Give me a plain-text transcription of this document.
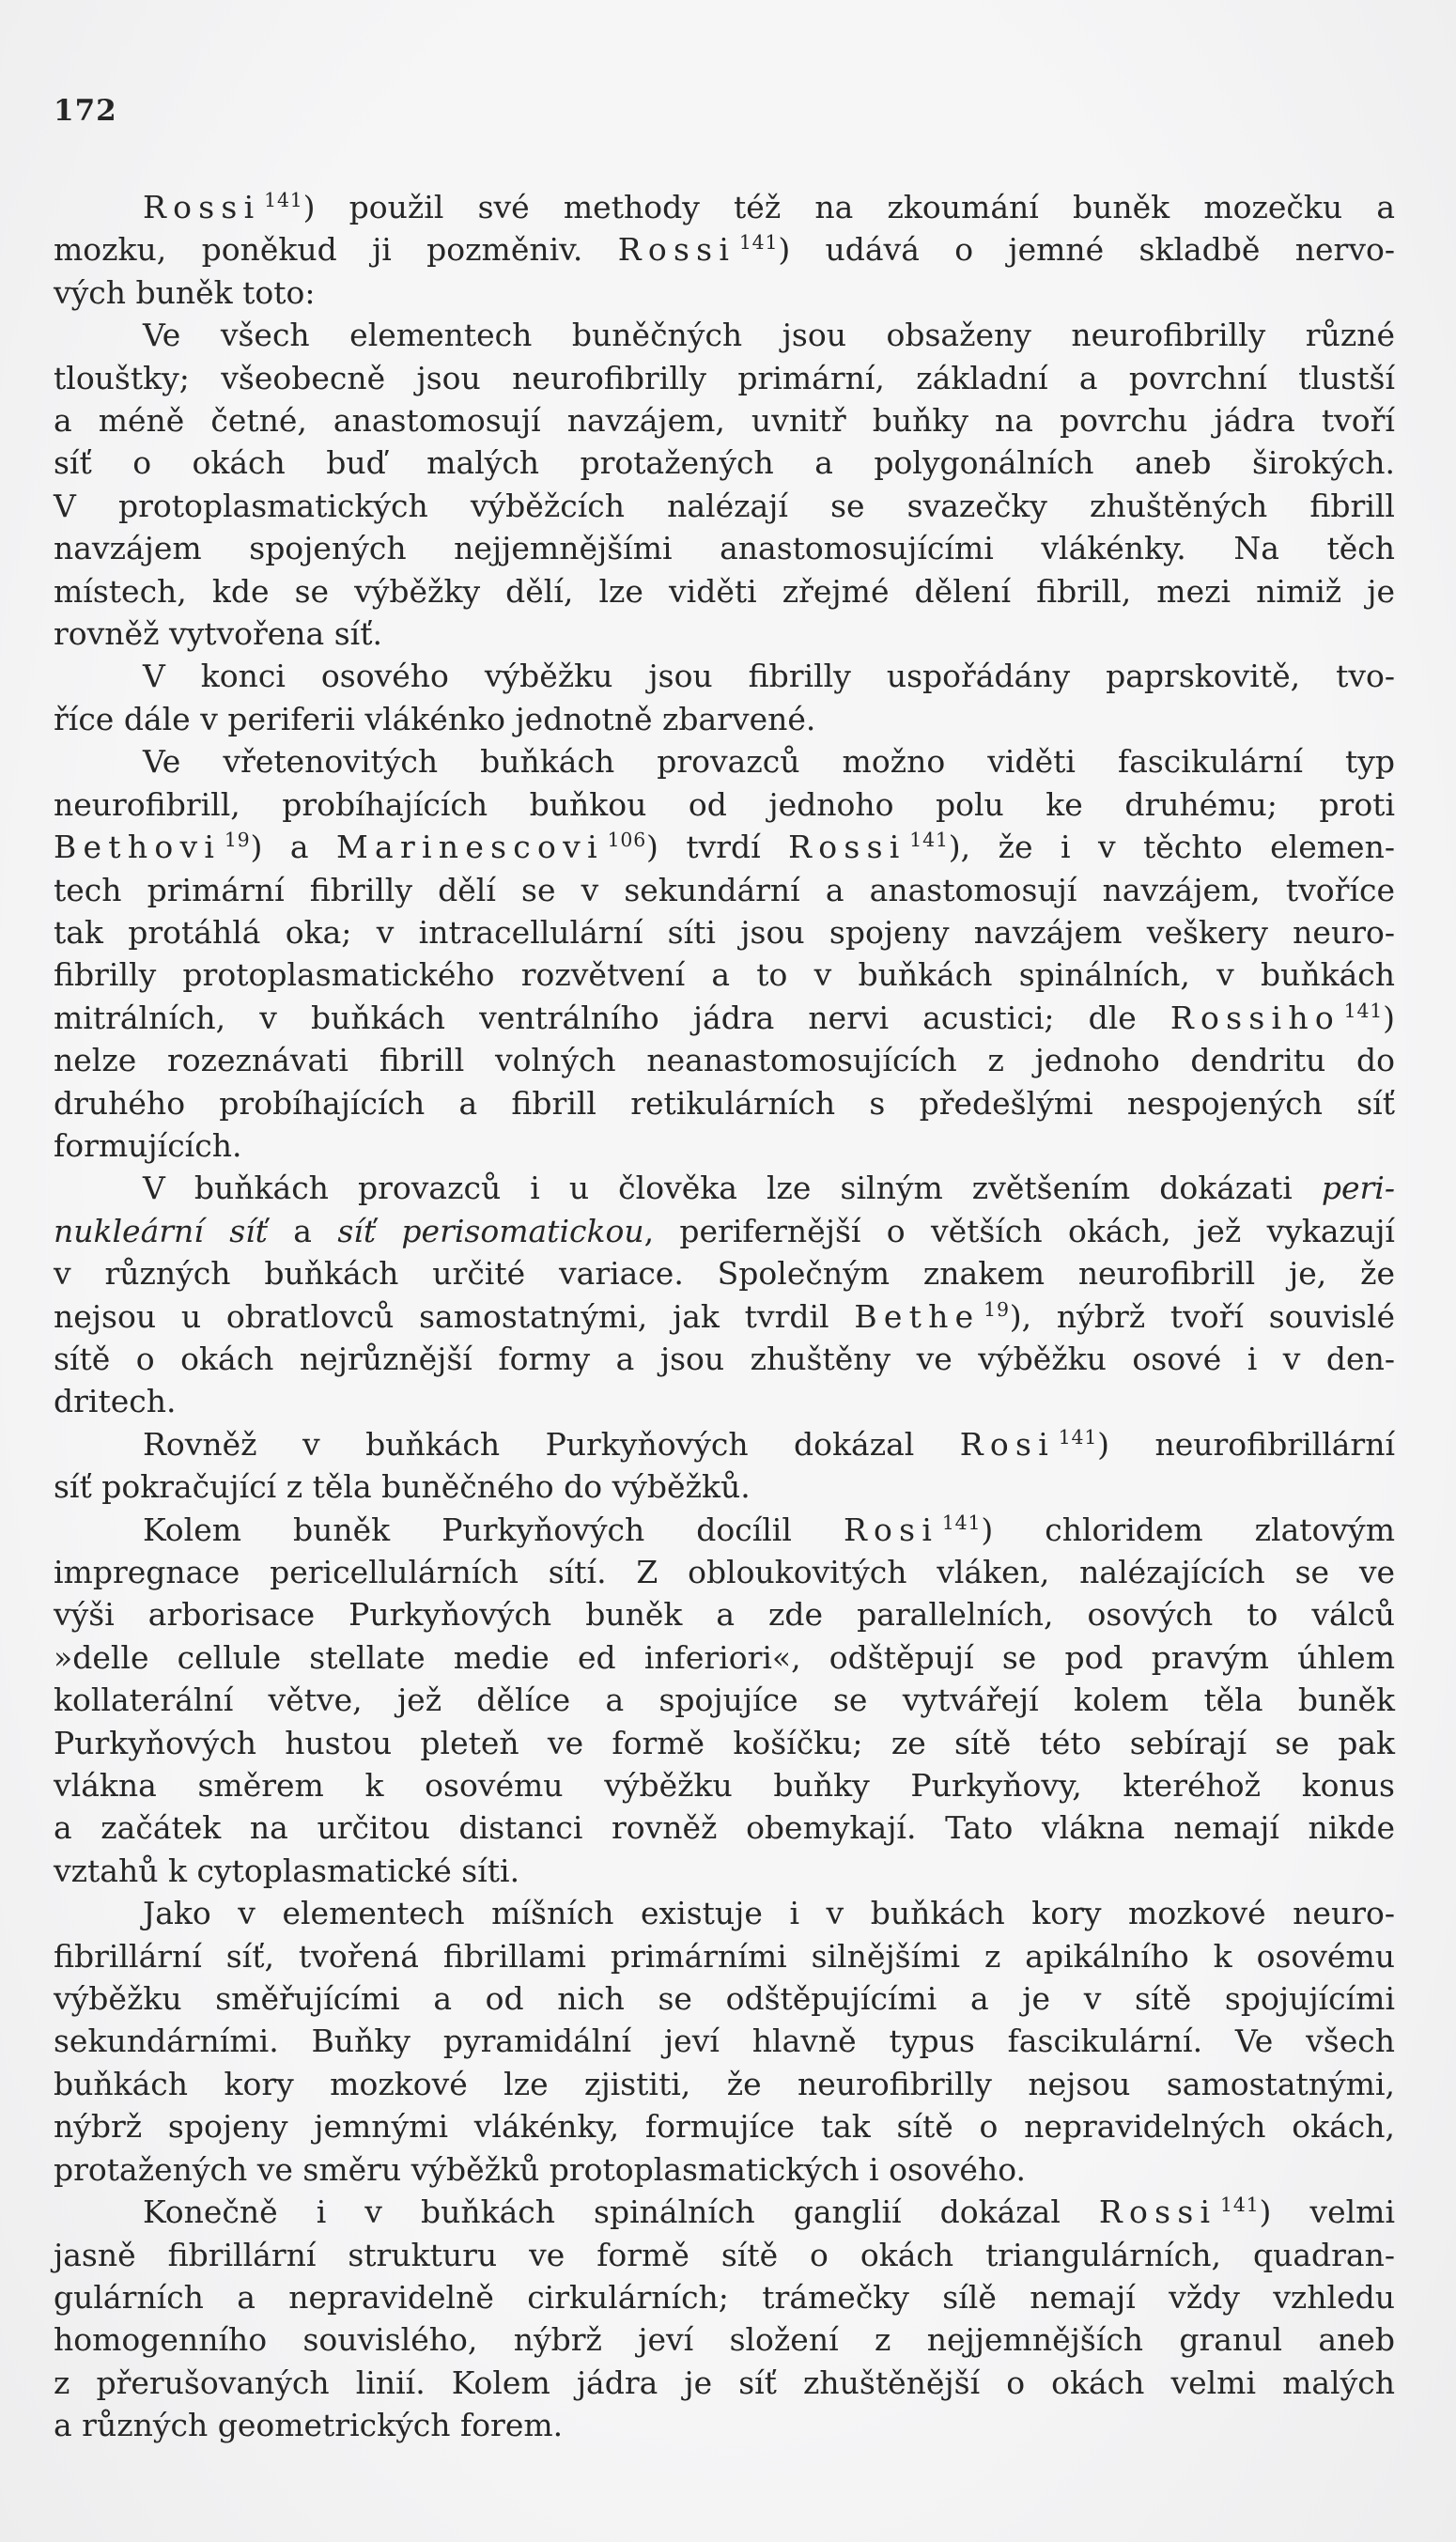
172
Rossi $^{141}$) použil své methody též na zkoumání buněk mozečku a
mozku, poněkud ji pozměniv. Rossi $^{141}$) udává o jemné skladbě nervo-
vých buněk toto:
Ve všech elementech buněčných jsou obsaženy neurofibrilly různé
tlouštky; všeobecně jsou neurofibrilly primární, základní a povrchní tlustší
a méně četné, anastomosují navzájem, uvnitř buňky na povrchu jádra tvoří
síť o okách buď malých protažených a polygonálních aneb širokých.
V protoplasmatických výběžcích nalézají se svazečky zhuštěných fibrill
navzájem spojených nejjemnějšími anastomosujícími vlákénky. Na těch
místech, kde se výběžky dělí, lze viděti zřejmé dělení fibrill, mezi nimiž je
rovněž vytvořena síť.
V konci osového výběžku jsou fibrilly uspořádány paprskovitě, tvo-
říce dále v periferii vlákénko jednotně zbarvené.
Ve vřetenovitých buňkách provazců možno viděti fascikulární typ
neurofibrill, probíhajících buňkou od jednoho polu ke druhému; proti
Bethovi $^{19}$) a Marinescovi $^{106}$) tvrdí Rossi $^{141}$), že i v těchto elemen-
tech primární fibrilly dělí se v sekundární a anastomosují navzájem, tvoříce
tak protáhlá oka; v intracellulární síti jsou spojeny navzájem veškery neuro-
fibrilly protoplasmatického rozvětvení a to v buňkách spinálních, v buňkách
mitrálních, v buňkách ventrálního jádra nervi acustici; dle Rossiho $^{141}$)
nelze rozeznávati fibrill volných neanastomosujících z jednoho dendritu do
druhého probíhajících a fibrill retikulárních s předešlými nespojených síť
formujících.
V buňkách provazců i u člověka lze silným zvětšením dokázati peri-
nukleární síť a síť perisomatickou, perifernější o větších okách, jež vykazují
v různých buňkách určité variace. Společným znakem neurofibrill je, že
nejsou u obratlovců samostatnými, jak tvrdil Bethe $^{19}$), nýbrž tvoří souvislé
sítě o okách nejrůznější formy a jsou zhuštěny ve výběžku osové i v den-
dritech.
Rovněž v buňkách Purkyňových dokázal Rosi $^{141}$) neurofibrillární
síť pokračující z těla buněčného do výběžků.
Kolem buněk Purkyňových docílil Rosi $^{141}$) chloridem zlatovým
impregnace pericellulárních sítí. Z obloukovitých vláken, nalézajících se ve
výši arborisace Purkyňových buněk a zde parallelních, osových to válců
»delle cellule stellate medie ed inferiori«, odštěpují se pod pravým úhlem
kollaterální větve, jež dělíce a spojujíce se vytvářejí kolem těla buněk
Purkyňových hustou pleteň ve formě košíčku; ze sítě této sebírají se pak
vlákna směrem k osovému výběžku buňky Purkyňovy, kteréhož konus
a začátek na určitou distanci rovněž obemykají. Tato vlákna nemají nikde
vztahů k cytoplasmatické síti.
Jako v elementech míšních existuje i v buňkách kory mozkové neuro-
fibrillární síť, tvořená fibrillami primárními silnějšími z apikálního k osovému
výběžku směřujícími a od nich se odštěpujícími a je v sítě spojujícími
sekundárními. Buňky pyramidální jeví hlavně typus fascikulární. Ve všech
buňkách kory mozkové lze zjistiti, že neurofibrilly nejsou samostatnými,
nýbrž spojeny jemnými vlákénky, formujíce tak sítě o nepravidelných okách,
protažených ve směru výběžků protoplasmatických i osového.
Konečně i v buňkách spinálních ganglií dokázal Rossi $^{141}$) velmi
jasně fibrillární strukturu ve formě sítě o okách triangulárních, quadran-
gulárních a nepravidelně cirkulárních; trámečky sílě nemají vždy vzhledu
homogenního souvislého, nýbrž jeví složení z nejjemnějších granul aneb
z přerušovaných linií. Kolem jádra je síť zhuštěnější o okách velmi malých
a různých geometrických forem.
